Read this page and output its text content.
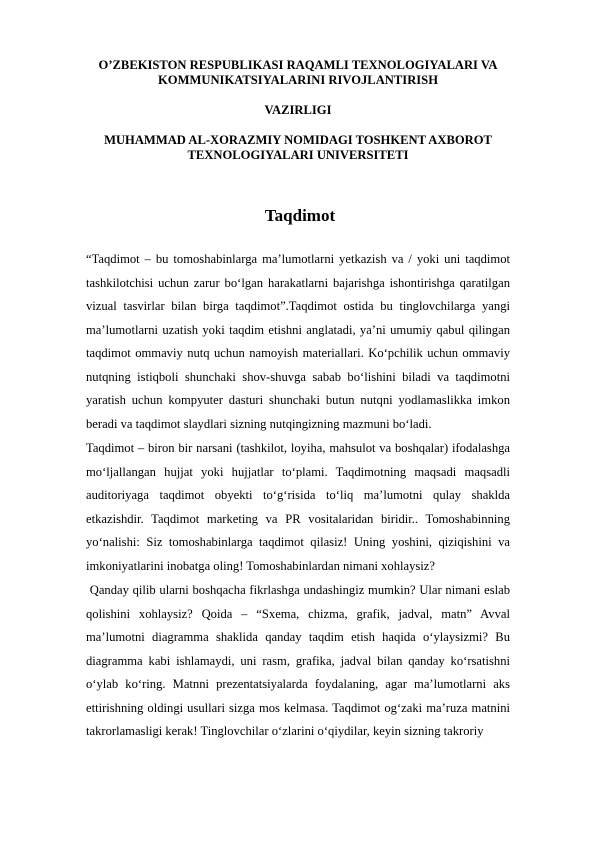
O’ZBEKISTON RESPUBLIKASI RAQAMLI TEXNOLOGIYALARI VA KOMMUNIKATSIYALARINI RIVOJLANTIRISH

VAZIRLIGI

MUHAMMAD AL-XORAZMIY NOMIDAGI TOSHKENT AXBOROT TEXNOLOGIYALARI UNIVERSITETI

Taqdimot

“Taqdimot – bu tomoshabinlarga ma’lumotlarni yetkazish va / yoki uni taqdimot tashkilotchisi uchun zarur bo‘lgan harakatlarni bajarishga ishontirishga qaratilgan vizual tasvirlar bilan birga taqdimot”.Taqdimot ostida bu tinglovchilarga yangi ma’lumotlarni uzatish yoki taqdim etishni anglatadi, ya’ni umumiy qabul qilingan taqdimot ommaviy nutq uchun namoyish materiallari. Ko‘pchilik uchun ommaviy nutqning istiqboli shunchaki shov-shuvga sabab bo‘lishini biladi va taqdimotni yaratish uchun kompyuter dasturi shunchaki butun nutqni yodlamaslikka imkon beradi va taqdimot slaydlari sizning nutqingizning mazmuni bo‘ladi.

Taqdimot – biron bir narsani (tashkilot, loyiha, mahsulot va boshqalar) ifodalashga mo‘ljallangan hujjat yoki hujjatlar to‘plami. Taqdimotning maqsadi maqsadli auditoriyaga taqdimot obyekti to‘g‘risida to‘liq ma’lumotni qulay shaklda etkazishdir. Taqdimot marketing va PR vositalaridan biridir.. Tomoshabinning yo‘nalishi: Siz tomoshabinlarga taqdimot qilasiz! Uning yoshini, qiziqishini va imkoniyatlarini inobatga oling! Tomoshabinlardan nimani xohlaysiz?

Qanday qilib ularni boshqacha fikrlashga undashingiz mumkin? Ular nimani eslab qolishini xohlaysiz? Qoida – “Sxema, chizma, grafik, jadval, matn” Avval ma’lumotni diagramma shaklida qanday taqdim etish haqida o‘ylaysizmi? Bu diagramma kabi ishlamaydi, uni rasm, grafika, jadval bilan qanday ko‘rsatishni o‘ylab ko‘ring. Matnni prezentatsiyalarda foydalaning, agar ma’lumotlarni aks ettirishning oldingi usullari sizga mos kelmasa. Taqdimot og‘zaki ma’ruza matnini takrorlamasligi kerak! Tinglovchilar o‘zlarini o‘qiydilar, keyin sizning takroriy
